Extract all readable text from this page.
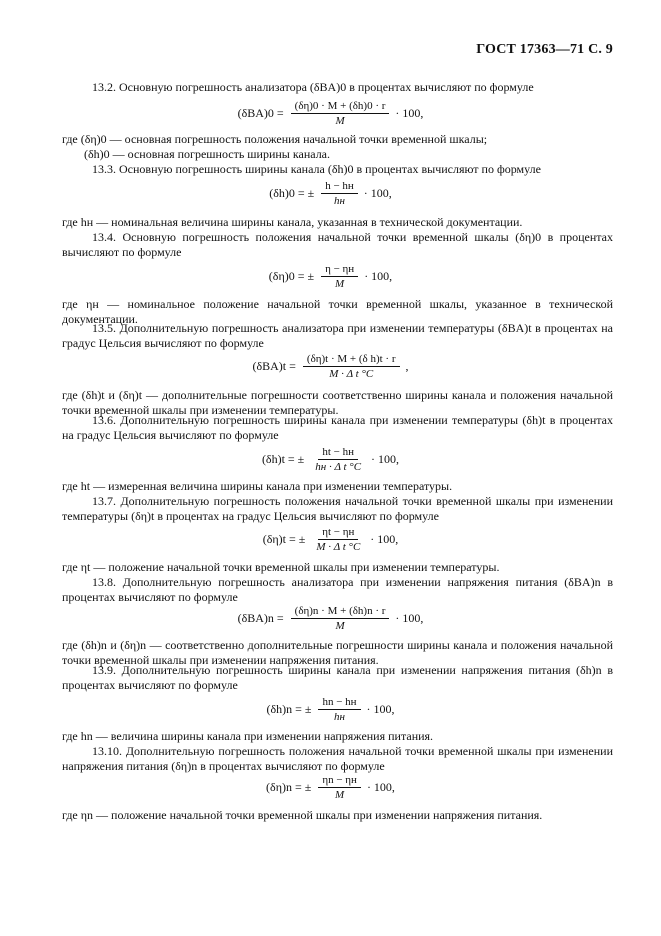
ГОСТ 17363—71 С. 9
13.2. Основную погрешность анализатора (δBA)0 в процентах вычисляют по формуле
$(\delta BA)0 = \frac{(\delta\eta)0 \cdot M + (\delta h)0 \cdot r}{M} \cdot 100$,
где (δη)0 — основная погрешность положения начальной точки временной шкалы;
(δh)0 — основная погрешность ширины канала.
13.3. Основную погрешность ширины канала (δh)0 в процентах вычисляют по формуле
(δh)0 = ± $\frac{h - hн}{hн} \cdot 100$,
где hн — номинальная величина ширины канала, указанная в технической документации.
13.4. Основную погрешность положения начальной точки временной шкалы (δη)0 в процентах вычисляют по формуле
(δη)0 = ± $\frac{\eta - \eta н}{M} \cdot 100$,
где ηн — номинальное положение начальной точки временной шкалы, указанное в технической документации.
13.5. Дополнительную погрешность анализатора при изменении температуры (δBA)t в процентах на градус Цельсия вычисляют по формуле
$(\delta BA)t = \frac{\text{(δη)t · M + (δ h)t · r}}{\text{M · Δ t °C}}$ ,
где (δh)t и (δη)t — дополнительные погрешности соответственно ширины канала и положения начальной точки временной шкалы при изменении температуры.
13.6. Дополнительную погрешность ширины канала при изменении температуры (δh)t в процентах на градус Цельсия вычисляют по формуле
(δh)t = ± $\frac{ht - hн}{\text{hн · Δ t °C}} \cdot 100$,
где ht — измеренная величина ширины канала при изменении температуры.
13.7. Дополнительную погрешность положения начальной точки временной шкалы при изменении температуры (δη)t в процентах на градус Цельсия вычисляют по формуле
(δη)t = ± $\frac{\eta t - \eta н}{\text{M · Δ t °C}} \cdot 100$,
где ηt — положение начальной точки временной шкалы при изменении температуры.
13.8. Дополнительную погрешность анализатора при изменении напряжения питания (δBA)n в процентах вычисляют по формуле
$(\delta BA)n = \frac{(\delta\eta)n \cdot M + (\delta h)n \cdot r}{M} \cdot 100$,
где (δh)n и (δη)n — соответственно дополнительные погрешности ширины канала и положения начальной точки временной шкалы при изменении напряжения питания.
13.9. Дополнительную погрешность ширины канала при изменении напряжения питания (δh)n в процентах вычисляют по формуле
(δh)n = ± $\frac{hn - hн}{hн} \cdot 100$,
где hn — величина ширины канала при изменении напряжения питания.
13.10. Дополнительную погрешность положения начальной точки временной шкалы при изменении напряжения питания (δη)n в процентах вычисляют по формуле
(δη)n = ± $\frac{\eta n - \eta н}{M} \cdot 100$,
где ηn — положение начальной точки временной шкалы при изменении напряжения питания.
